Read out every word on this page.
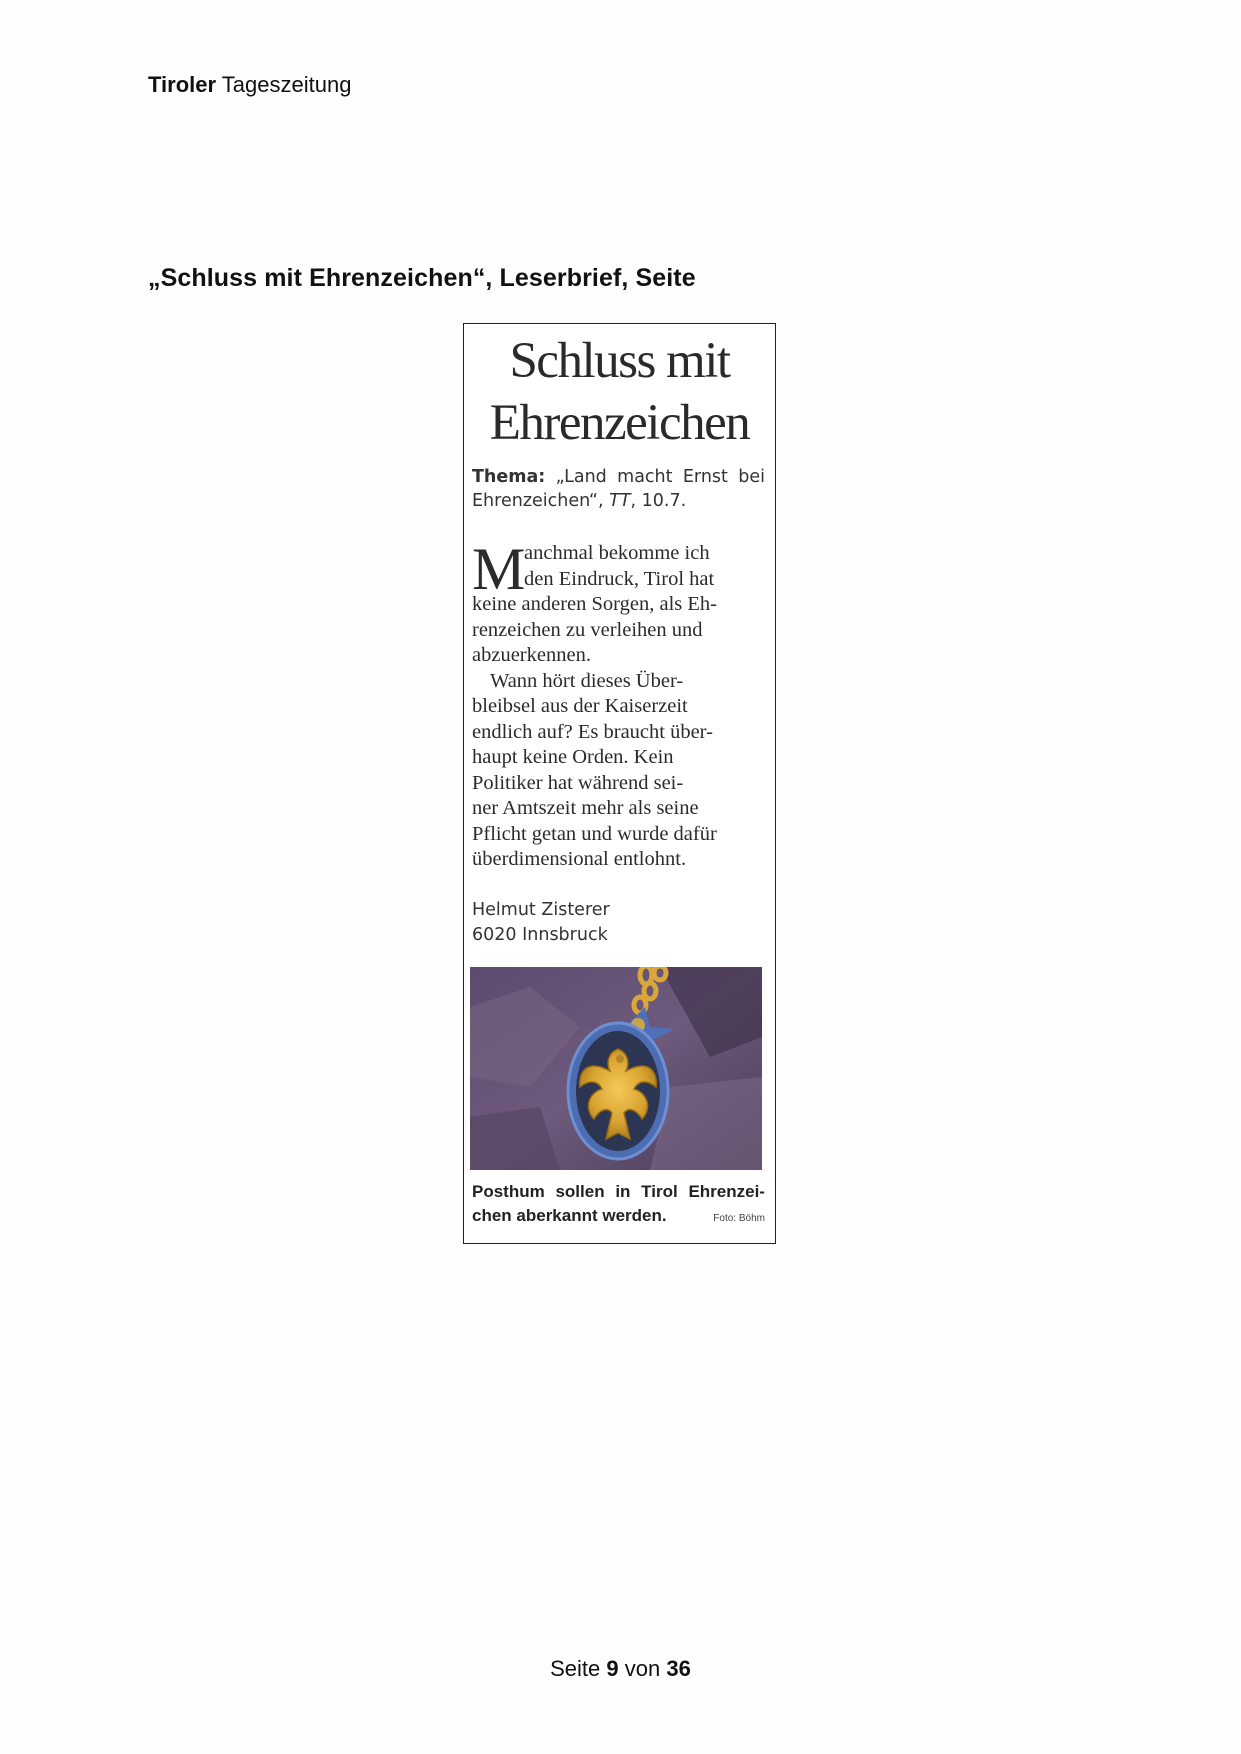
Tiroler Tageszeitung
„Schluss mit Ehrenzeichen“, Leserbrief, Seite
Schluss mit
Ehrenzeichen
Thema: „Land macht Ernst bei
Ehrenzeichen“, TT, 10.7.
M
anchmal bekomme ich
den Eindruck, Tirol hat
keine anderen Sorgen, als Eh-
renzeichen zu verleihen und
abzuerkennen.
Wann hört dieses Über-
bleibsel aus der Kaiserzeit
endlich auf? Es braucht über-
haupt keine Orden. Kein
Politiker hat während sei-
ner Amtszeit mehr als seine
Pflicht getan und wurde dafür
überdimensional entlohnt.
Helmut Zisterer
6020 Innsbruck
Posthum sollen in Tirol Ehrenzei-
chen aberkannt werden.	Foto: Böhm
Seite 9 von 36
